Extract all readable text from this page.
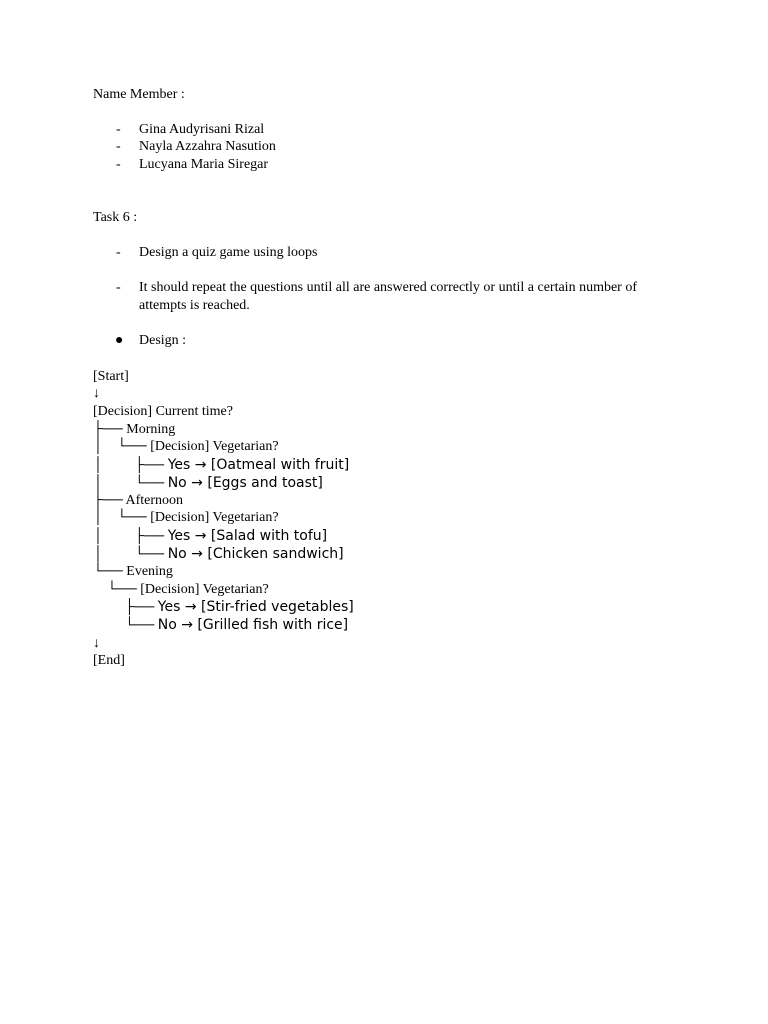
Name Member :
- Gina Audyrisani Rizal
- Nayla Azzahra Nasution
- Lucyana Maria Siregar
Task 6 :
- Design a quiz game using loops
- It should repeat the questions until all are answered correctly or until a certain number of attempts is reached.
● Design :
[Start]
↓
[Decision] Current time?
├── Morning
│    └── [Decision] Vegetarian?
│         ├── Yes → [Oatmeal with fruit]
│         └── No → [Eggs and toast]
├── Afternoon
│    └── [Decision] Vegetarian?
│         ├── Yes → [Salad with tofu]
│         └── No → [Chicken sandwich]
└── Evening
└── [Decision] Vegetarian?
├── Yes → [Stir-fried vegetables]
└── No → [Grilled fish with rice]
↓
[End]
